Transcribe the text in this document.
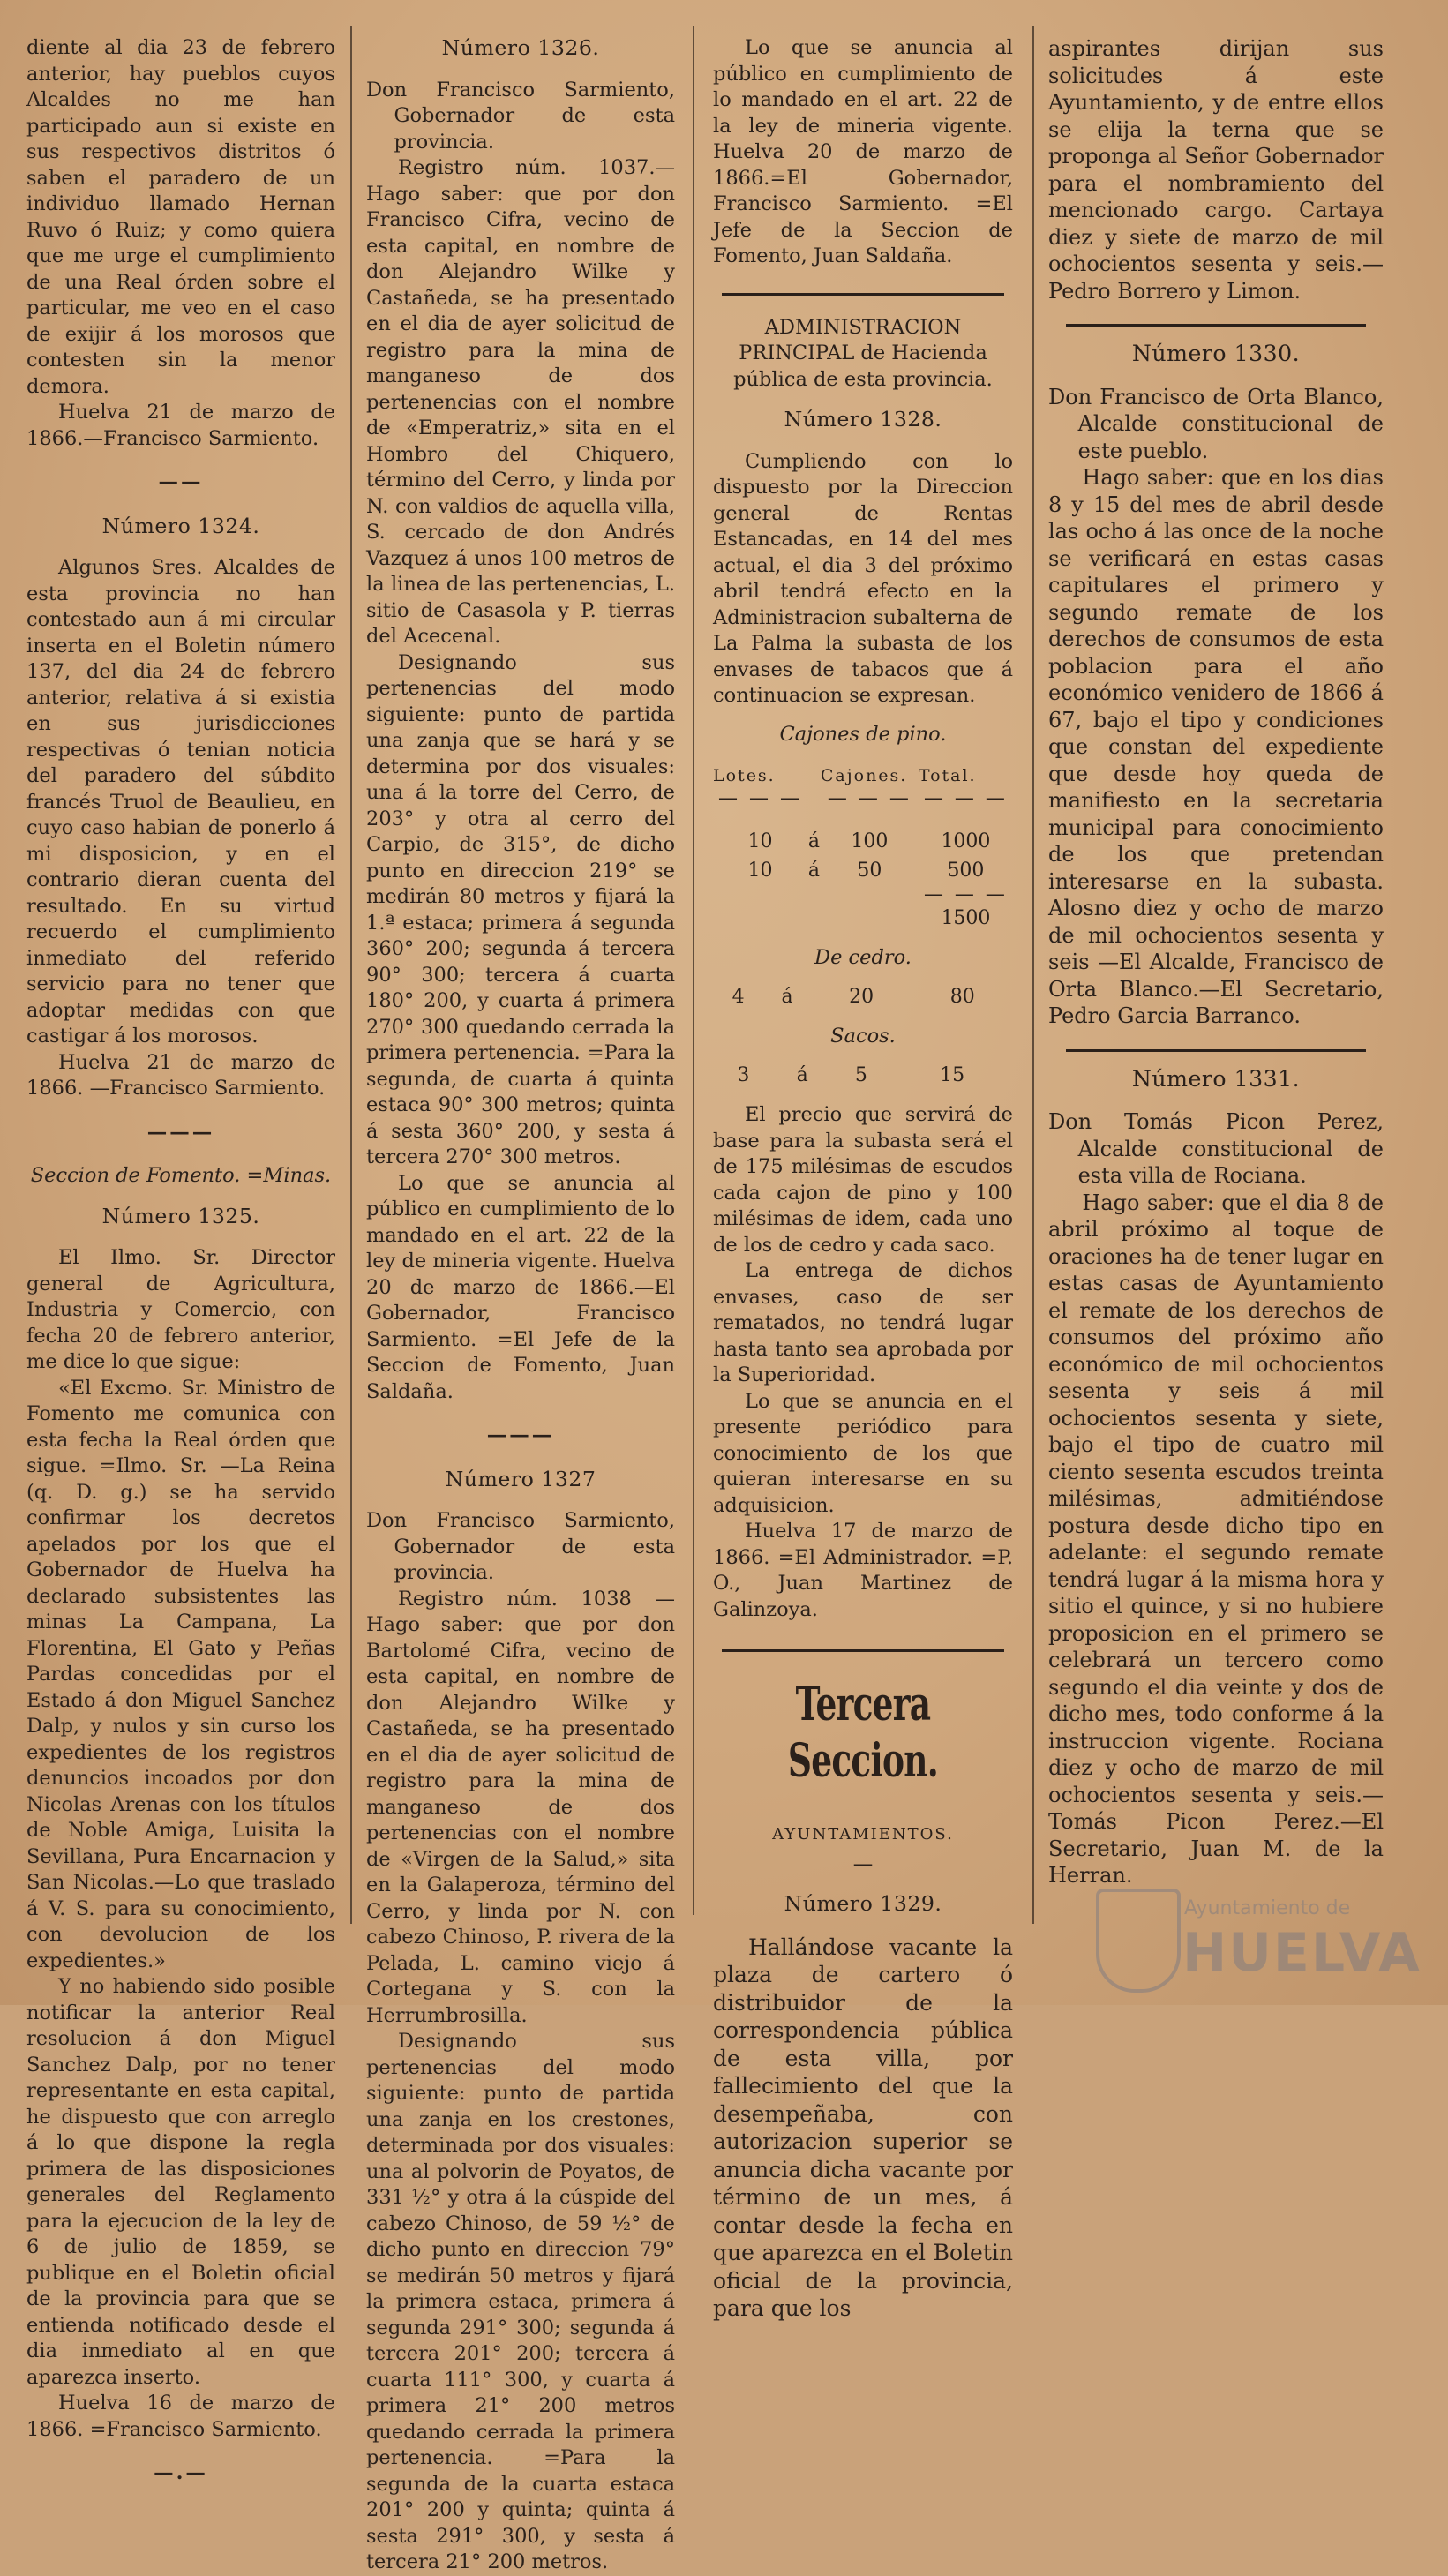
diente al dia 23 de febrero anterior, hay pueblos cuyos Alcaldes no me han participado aun si existe en sus respectivos distritos ó saben el paradero de un individuo llamado Hernan Ruvo ó Ruiz; y como quiera que me urge el cumplimiento de una Real órden sobre el particular, me veo en el caso de exijir á los morosos que contesten sin la menor demora.

Huelva 21 de marzo de 1866.—Francisco Sarmiento.

——

Número 1324.

Algunos Sres. Alcaldes de esta provincia no han contestado aun á mi circular inserta en el Boletin número 137, del dia 24 de febrero anterior, relativa á si existia en sus jurisdicciones respectivas ó tenian noticia del paradero del súbdito francés Truol de Beaulieu, en cuyo caso habian de ponerlo á mi disposicion, y en el contrario dieran cuenta del resultado. En su virtud recuerdo el cumplimiento inmediato del referido servicio para no tener que adoptar medidas con que castigar á los morosos.

Huelva 21 de marzo de 1866. —Francisco Sarmiento.

———

Seccion de Fomento. =Minas.

Número 1325.

El Ilmo. Sr. Director general de Agricultura, Industria y Comercio, con fecha 20 de febrero anterior, me dice lo que sigue:

«El Excmo. Sr. Ministro de Fomento me comunica con esta fecha la Real órden que sigue. =Ilmo. Sr. —La Reina (q. D. g.) se ha servido confirmar los decretos apelados por los que el Gobernador de Huelva ha declarado subsistentes las minas La Campana, La Florentina, El Gato y Peñas Pardas concedidas por el Estado á don Miguel Sanchez Dalp, y nulos y sin curso los expedientes de los registros denuncios incoados por don Nicolas Arenas con los títulos de Noble Amiga, Luisita la Sevillana, Pura Encarnacion y San Nicolas.—Lo que traslado á V. S. para su conocimiento, con devolucion de los expedientes.»

Y no habiendo sido posible notificar la anterior Real resolucion á don Miguel Sanchez Dalp, por no tener representante en esta capital, he dispuesto que con arreglo á lo que dispone la regla primera de las disposiciones generales del Reglamento para la ejecucion de la ley de 6 de julio de 1859, se publique en el Boletin oficial de la provincia para que se entienda notificado desde el dia inmediato al en que aparezca inserto.

Huelva 16 de marzo de 1866. =Francisco Sarmiento.

—.—

Número 1326.

Don Francisco Sarmiento, Gobernador de esta provincia.

Registro núm. 1037.—Hago saber: que por don Francisco Cifra, vecino de esta capital, en nombre de don Alejandro Wilke y Castañeda, se ha presentado en el dia de ayer solicitud de registro para la mina de manganeso de dos pertenencias con el nombre de «Emperatriz,» sita en el Hombro del Chiquero, término del Cerro, y linda por N. con valdios de aquella villa, S. cercado de don Andrés Vazquez á unos 100 metros de la linea de las pertenencias, L. sitio de Casasola y P. tierras del Acecenal.

Designando sus pertenencias del modo siguiente: punto de partida una zanja que se hará y se determina por dos visuales: una á la torre del Cerro, de 203° y otra al cerro del Carpio, de 315°, de dicho punto en direccion 219° se medirán 80 metros y fijará la 1.ª estaca; primera á segunda 360° 200; segunda á tercera 90° 300; tercera á cuarta 180° 200, y cuarta á primera 270° 300 quedando cerrada la primera pertenencia. =Para la segunda, de cuarta á quinta estaca 90° 300 metros; quinta á sesta 360° 200, y sesta á tercera 270° 300 metros.

Lo que se anuncia al público en cumplimiento de lo mandado en el art. 22 de la ley de mineria vigente. Huelva 20 de marzo de 1866.—El Gobernador, Francisco Sarmiento. =El Jefe de la Seccion de Fomento, Juan Saldaña.

———

Número 1327

Don Francisco Sarmiento, Gobernador de esta provincia.

Registro núm. 1038 —Hago saber: que por don Bartolomé Cifra, vecino de esta capital, en nombre de don Alejandro Wilke y Castañeda, se ha presentado en el dia de ayer solicitud de registro para la mina de manganeso de dos pertenencias con el nombre de «Virgen de la Salud,» sita en la Galaperoza, término del Cerro, y linda por N. con cabezo Chinoso, P. rivera de la Pelada, L. camino viejo á Cortegana y S. con la Herrumbrosilla.

Designando sus pertenencias del modo siguiente: punto de partida una zanja en los crestones, determinada por dos visuales: una al polvorin de Poyatos, de 331 ½° y otra á la cúspide del cabezo Chinoso, de 59 ½° de dicho punto en direccion 79° se medirán 50 metros y fijará la primera estaca, primera á segunda 291° 300; segunda á tercera 201° 200; tercera á cuarta 111° 300, y cuarta á primera 21° 200 metros quedando cerrada la primera pertenencia. =Para la segunda de la cuarta estaca 201° 200 y quinta; quinta á sesta 291° 300, y sesta á tercera 21° 200 metros.

Lo que se anuncia al público en cumplimiento de lo mandado en el art. 22 de la ley de mineria vigente. Huelva 20 de marzo de 1866.=El Gobernador, Francisco Sarmiento. =El Jefe de la Seccion de Fomento, Juan Saldaña.

ADMINISTRACION PRINCIPAL de Hacienda pública de esta provincia.

Número 1328.

Cumpliendo con lo dispuesto por la Direccion general de Rentas Estancadas, en 14 del mes actual, el dia 3 del próximo abril tendrá efecto en la Administracion subalterna de La Palma la subasta de los envases de tabacos que á continuacion se expresan.

Cajones de pino.

Lotes.		Cajones.	Total.
— — —		— — —	— — —

10	á	100	1000
10	á	50	500
			— — —
			1500

De cedro.

4	á	20	80

Sacos.

3	á	5	15

El precio que servirá de base para la subasta será el de 175 milésimas de escudos cada cajon de pino y 100 milésimas de idem, cada uno de los de cedro y cada saco.

La entrega de dichos envases, caso de ser rematados, no tendrá lugar hasta tanto sea aprobada por la Superioridad.

Lo que se anuncia en el presente periódico para conocimiento de los que quieran interesarse en su adquisicion.

Huelva 17 de marzo de 1866. =El Administrador. =P. O., Juan Martinez de Galinzoya.

Tercera Seccion.

AYUNTAMIENTOS.

—

Número 1329.

Hallándose vacante la plaza de cartero ó distribuidor de la correspondencia pública de esta villa, por fallecimiento del que la desempeñaba, con autorizacion superior se anuncia dicha vacante por término de un mes, á contar desde la fecha en que aparezca en el Boletin oficial de la provincia, para que los

aspirantes dirijan sus solicitudes á este Ayuntamiento, y de entre ellos se elija la terna que se proponga al Señor Gobernador para el nombramiento del mencionado cargo. Cartaya diez y siete de marzo de mil ochocientos sesenta y seis.—Pedro Borrero y Limon.

Número 1330.

Don Francisco de Orta Blanco, Alcalde constitucional de este pueblo.

Hago saber: que en los dias 8 y 15 del mes de abril desde las ocho á las once de la noche se verificará en estas casas capitulares el primero y segundo remate de los derechos de consumos de esta poblacion para el año económico venidero de 1866 á 67, bajo el tipo y condiciones que constan del expediente que desde hoy queda de manifiesto en la secretaria municipal para conocimiento de los que pretendan interesarse en la subasta. Alosno diez y ocho de marzo de mil ochocientos sesenta y seis —El Alcalde, Francisco de Orta Blanco.—El Secretario, Pedro Garcia Barranco.

Número 1331.

Don Tomás Picon Perez, Alcalde constitucional de esta villa de Rociana.

Hago saber: que el dia 8 de abril próximo al toque de oraciones ha de tener lugar en estas casas de Ayuntamiento el remate de los derechos de consumos del próximo año económico de mil ochocientos sesenta y seis á mil ochocientos sesenta y siete, bajo el tipo de cuatro mil ciento sesenta escudos treinta milésimas, admitiéndose postura desde dicho tipo en adelante: el segundo remate tendrá lugar á la misma hora y sitio el quince, y si no hubiere proposicion en el primero se celebrará un tercero como segundo el dia veinte y dos de dicho mes, todo conforme á la instruccion vigente. Rociana diez y ocho de marzo de mil ochocientos sesenta y seis.—Tomás Picon Perez.—El Secretario, Juan M. de la Herran.

Ayuntamiento de
HUELVA
